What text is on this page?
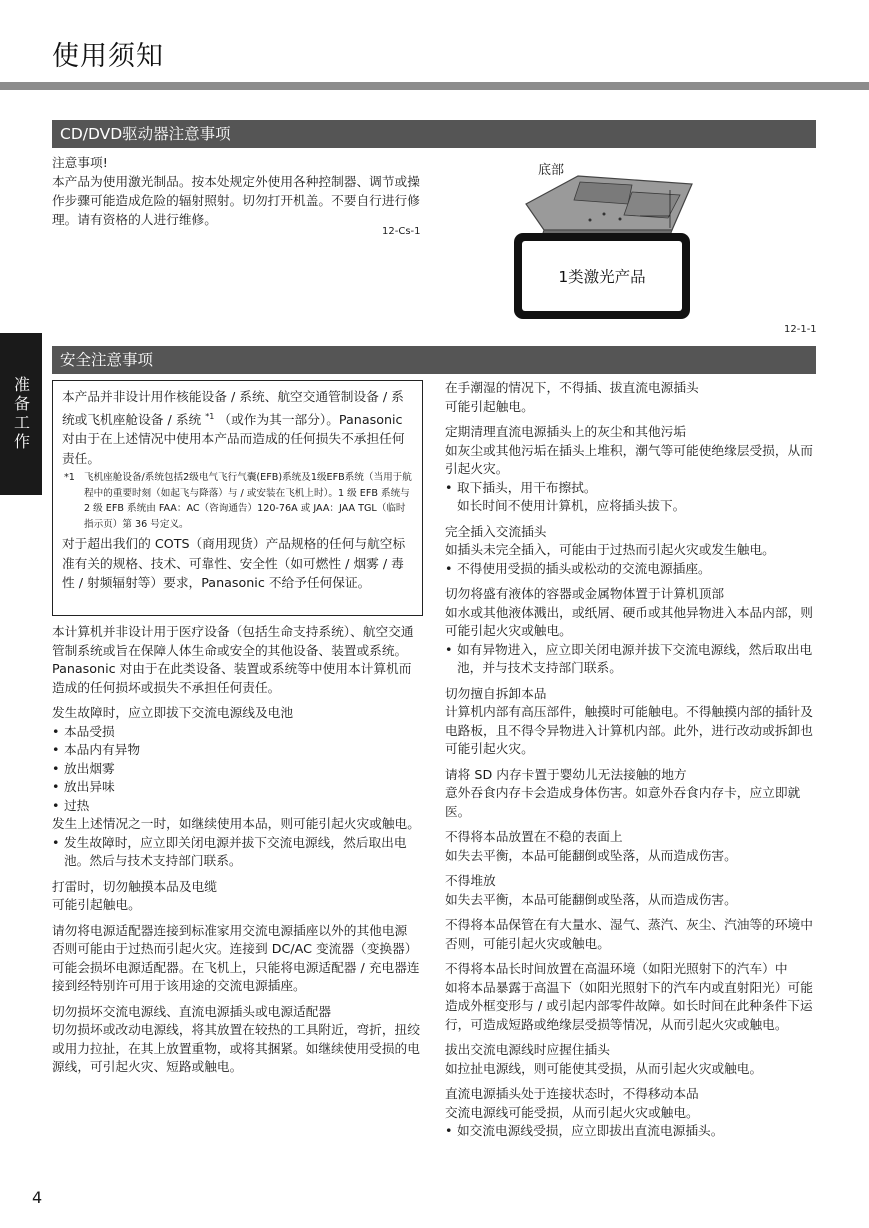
使用须知
准备工作
CD/DVD驱动器注意事项
注意事项!
本产品为使用激光制品。按本处规定外使用各种控制器、调节或操作步骤可能造成危险的辐射照射。切勿打开机盖。不要自行进行修理。请有资格的人进行维修。
12-Cs-1
底部
1类激光产品
12-1-1
安全注意事项
本产品并非设计用作核能设备 / 系统、航空交通管制设备 / 系统或飞机座舱设备 / 系统 $^{*1}$ （或作为其一部分）。Panasonic 对由于在上述情况中使用本产品而造成的任何损失不承担任何责任。
*1 飞机座舱设备/系统包括2级电气飞行气囊(EFB)系统及1级EFB系统（当用于航程中的重要时刻（如起飞与降落）与 / 或安装在飞机上时）。1 级 EFB 系统与 2 级 EFB 系统由 FAA：AC（咨询通告）120-76A 或 JAA：JAA TGL（临时指示页）第 36 号定义。
对于超出我们的 COTS（商用现货）产品规格的任何与航空标准有关的规格、技术、可靠性、安全性（如可燃性 / 烟雾 / 毒性 / 射频辐射等）要求，Panasonic 不给予任何保证。

本计算机并非设计用于医疗设备（包括生命支持系统）、航空交通管制系统或旨在保障人体生命或安全的其他设备、装置或系统。 Panasonic 对由于在此类设备、装置或系统等中使用本计算机而造成的任何损坏或损失不承担任何责任。

发生故障时，应立即拔下交流电源线及电池

• 本品受损
• 本品内有异物
• 放出烟雾
• 放出异味
• 过热

发生上述情况之一时，如继续使用本品，则可能引起火灾或触电。

• 发生故障时，应立即关闭电源并拔下交流电源线，然后取出电池。然后与技术支持部门联系。

打雷时，切勿触摸本品及电缆

可能引起触电。

请勿将电源适配器连接到标准家用交流电源插座以外的其他电源

否则可能由于过热而引起火灾。连接到 DC/AC 变流器（变换器）可能会损坏电源适配器。在飞机上，只能将电源适配器 / 充电器连接到经特别许可用于该用途的交流电源插座。

切勿损坏交流电源线、直流电源插头或电源适配器

切勿损坏或改动电源线，将其放置在较热的工具附近，弯折，扭绞或用力拉扯，在其上放置重物，或将其捆紧。如继续使用受损的电源线，可引起火灾、短路或触电。

在手潮湿的情况下，不得插、拔直流电源插头

可能引起触电。

定期清理直流电源插头上的灰尘和其他污垢

如灰尘或其他污垢在插头上堆积，潮气等可能使绝缘层受损，从而引起火灾。

• 取下插头，用干布擦拭。

如长时间不使用计算机，应将插头拔下。

完全插入交流插头

如插头未完全插入，可能由于过热而引起火灾或发生触电。

• 不得使用受损的插头或松动的交流电源插座。

切勿将盛有液体的容器或金属物体置于计算机顶部

如水或其他液体溅出，或纸屑、硬币或其他异物进入本品内部，则可能引起火灾或触电。

• 如有异物进入，应立即关闭电源并拔下交流电源线，然后取出电池，并与技术支持部门联系。

切勿擅自拆卸本品

计算机内部有高压部件，触摸时可能触电。不得触摸内部的插针及电路板，且不得令异物进入计算机内部。此外，进行改动或拆卸也可能引起火灾。

请将 SD 内存卡置于婴幼儿无法接触的地方

意外吞食内存卡会造成身体伤害。如意外吞食内存卡，应立即就医。

不得将本品放置在不稳的表面上

如失去平衡，本品可能翻倒或坠落，从而造成伤害。

不得堆放

如失去平衡，本品可能翻倒或坠落，从而造成伤害。

不得将本品保管在有大量水、湿气、蒸汽、灰尘、汽油等的环境中

否则，可能引起火灾或触电。

不得将本品长时间放置在高温环境（如阳光照射下的汽车）中

如将本品暴露于高温下（如阳光照射下的汽车内或直射阳光）可能造成外框变形与 / 或引起内部零件故障。如长时间在此种条件下运行，可造成短路或绝缘层受损等情况，从而引起火灾或触电。

拔出交流电源线时应握住插头

如拉扯电源线，则可能使其受损，从而引起火灾或触电。

直流电源插头处于连接状态时，不得移动本品

交流电源线可能受损，从而引起火灾或触电。

• 如交流电源线受损，应立即拔出直流电源插头。
4
